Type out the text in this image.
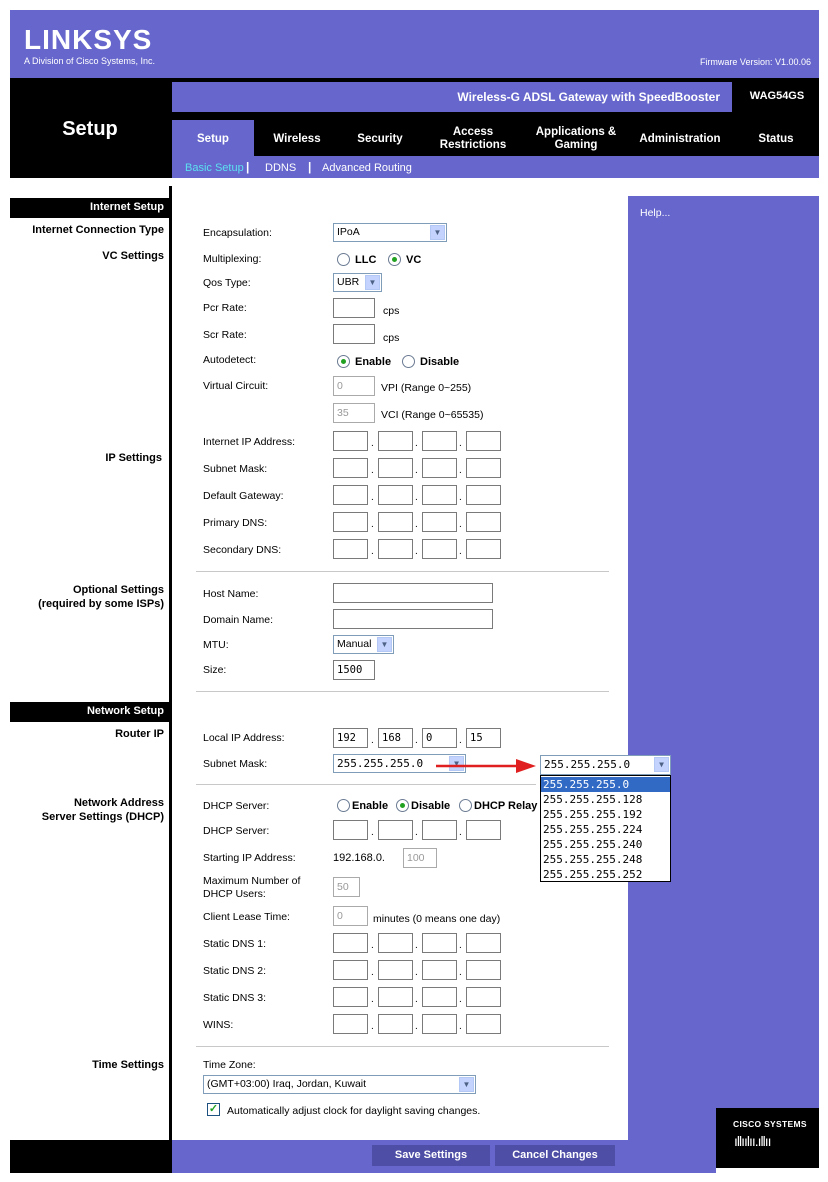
LINKSYS
A Division of Cisco Systems, Inc.	Firmware Version: V1.00.06
Setup
Wireless-G ADSL Gateway with SpeedBooster	WAG54GS
Setup	Wireless	Security
Access Restrictions
Applications & Gaming	Administration	Status
Basic Setup | DDNS | Advanced Routing
Help...
CISCO SYSTEMS
ıllıılıı.ıllıı
Internet Setup
Internet Connection Type
VC Settings
IP Settings
Optional Settings
(required by some ISPs)
Network Setup
Router IP
Network Address
Server Settings (DHCP)
Time Settings
Encapsulation:	IPoA	▼
Multiplexing:	LLC	VC
Qos Type:	UBR	▼
Pcr Rate:	cps
Scr Rate:	cps
Autodetect:	Enable	Disable
Virtual Circuit:	0	VPI (Range 0~255)
35	VCI (Range 0~65535)
Internet IP Address:	.	.	.
Subnet Mask:	.	.	.
Default Gateway:	.	.	.
Primary DNS:	.	.	.
Secondary DNS:	.	.	.
Host Name:
Domain Name:
MTU:	Manual	▼
Size:	1500
Local IP Address:	192	. 168	. 0	. 15
Subnet Mask:	255.255.255.0	▼	255.255.255.0	▼
255.255.255.0
255.255.255.128
255.255.255.192
255.255.255.224
255.255.255.240
255.255.255.248
255.255.255.252
DHCP Server:	Enable Disable DHCP Relay
DHCP Server:	.	.	.
Starting IP Address:	192.168.0.	100
Maximum Number of
DHCP Users:
50
Client Lease Time:	0	minutes (0 means one day)
Static DNS 1:	.	.	.
Static DNS 2:	.	.	.
Static DNS 3:	.	.	.
WINS:	.	.	.
Time Zone:
(GMT+03:00) Iraq, Jordan, Kuwait	▼
✓ Automatically adjust clock for daylight saving changes.
Save Settings	Cancel Changes
